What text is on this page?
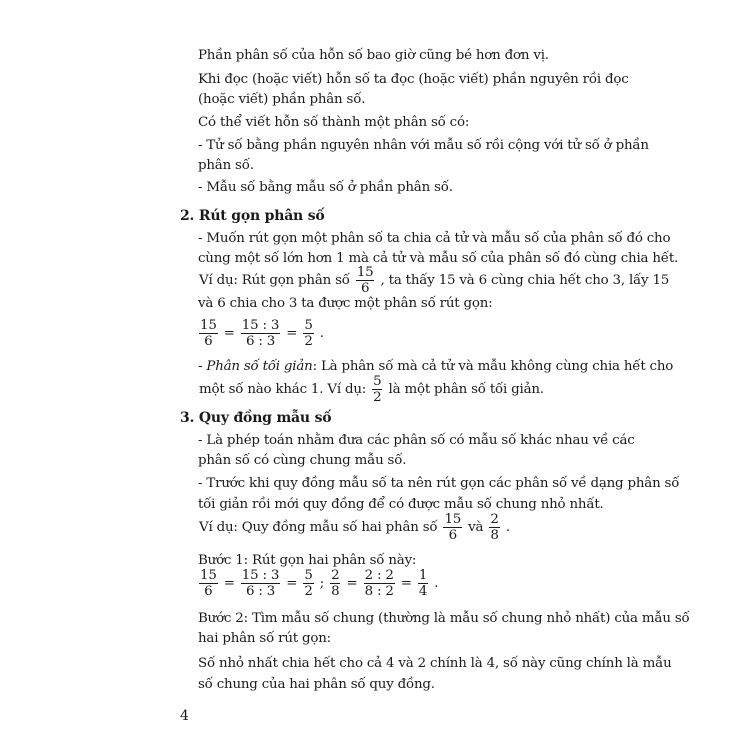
Phần phân số của hỗn số bao giờ cũng bé hơn đơn vị.
Khi đọc (hoặc viết) hỗn số ta đọc (hoặc viết) phần nguyên rồi đọc
(hoặc viết) phần phân số.
Có thể viết hỗn số thành một phân số có:
- Tử số bằng phần nguyên nhân với mẫu số rồi cộng với tử số ở phần
phân số.
- Mẫu số bằng mẫu số ở phần phân số.
2. Rút gọn phân số
- Muốn rút gọn một phân số ta chia cả tử và mẫu số của phân số đó cho
cùng một số lớn hơn 1 mà cả tử và mẫu số của phân số đó cùng chia hết.
Ví dụ: Rút gọn phân số $\frac{15}{6}$ , ta thấy 15 và 6 cùng chia hết cho 3, lấy 15
và 6 chia cho 3 ta được một phân số rút gọn:
$\frac{15}{6} = \frac{15 : 3}{6 : 3} = \frac{5}{2}$ .
- Phân số tối giản: Là phân số mà cả tử và mẫu không cùng chia hết cho
một số nào khác 1. Ví dụ: $\frac{5}{2}$ là một phân số tối giản.
3. Quy đồng mẫu số
- Là phép toán nhằm đưa các phân số có mẫu số khác nhau về các
phân số có cùng chung mẫu số.
- Trước khi quy đồng mẫu số ta nên rút gọn các phân số về dạng phân số
tối giản rồi mới quy đồng để có được mẫu số chung nhỏ nhất.
Ví dụ: Quy đồng mẫu số hai phân số $\frac{15}{6}$ và $\frac{2}{8}$ .
Bước 1: Rút gọn hai phân số này:
$\frac{15}{6} = \frac{15 : 3}{6 : 3} = \frac{5}{2}$ ; $\frac{2}{8} = \frac{2 : 2}{8 : 2} = \frac{1}{4}$ .
Bước 2: Tìm mẫu số chung (thường là mẫu số chung nhỏ nhất) của mẫu số
hai phân số rút gọn:
Số nhỏ nhất chia hết cho cả 4 và 2 chính là 4, số này cũng chính là mẫu
số chung của hai phân số quy đồng.
4
